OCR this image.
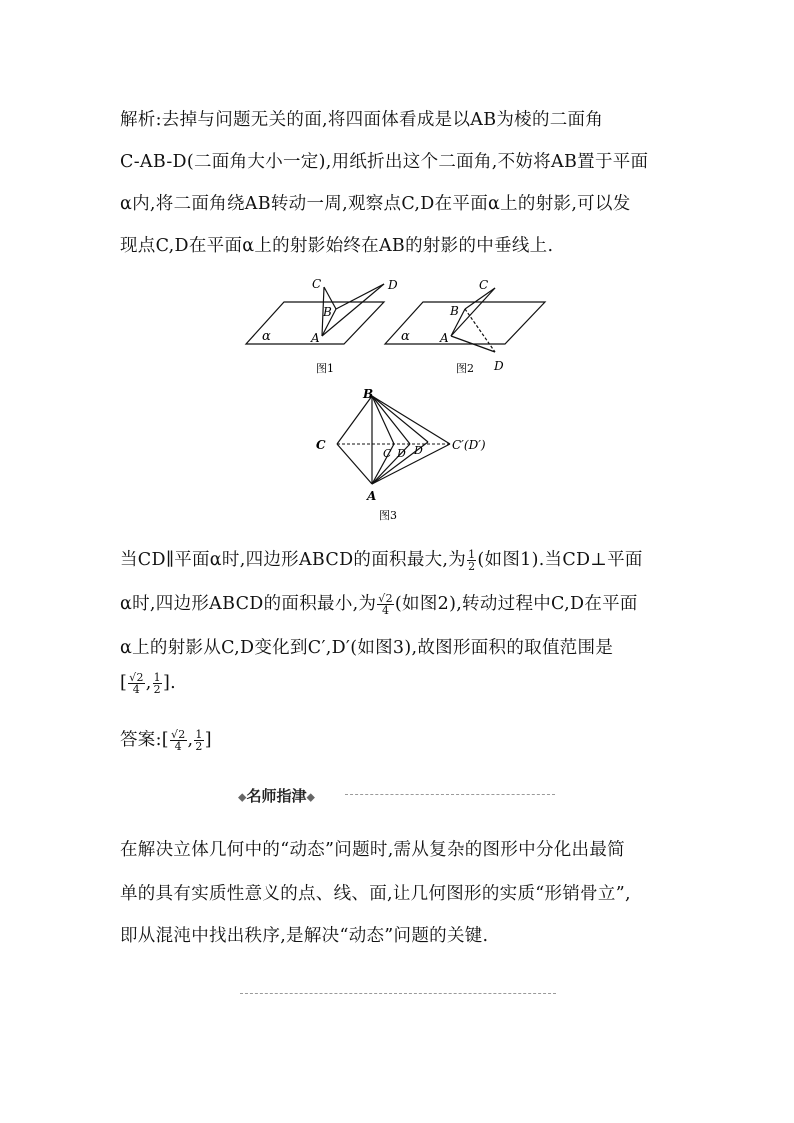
解析:去掉与问题无关的面,将四面体看成是以AB为棱的二面角
C-AB-D(二面角大小一定),用纸折出这个二面角,不妨将AB置于平面
α内,将二面角绕AB转动一周,观察点C,D在平面α上的射影,可以发
现点C,D在平面α上的射影始终在AB的射影的中垂线上.
C	D
B
A
α
图1
C
B
A
D
α
图2
B
C
C D D C′(D′)
A
图3
当CD∥平面α时,四边形ABCD的面积最大,为 $\frac{1}{2}$ (如图1).当CD⊥平面
α时,四边形ABCD的面积最小,为 $\frac{√2}{4}$ (如图2),转动过程中C,D在平面
α上的射影从C,D变化到C′,D′(如图3),故图形面积的取值范围是
[ $\frac{√2}{4}$ , $\frac{1}{2}$ ].
答案:[ $\frac{√2}{4}$ , $\frac{1}{2}$ ]
◆名师指津◆
在解决立体几何中的“动态”问题时,需从复杂的图形中分化出最简
单的具有实质性意义的点、线、面,让几何图形的实质“形销骨立”,
即从混沌中找出秩序,是解决“动态”问题的关键.
